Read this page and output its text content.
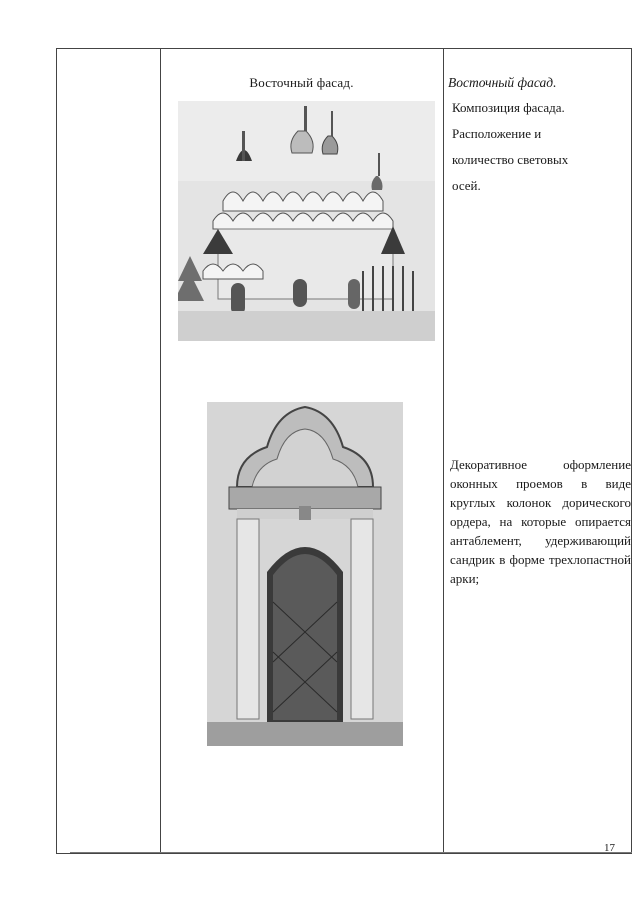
Восточный фасад.	Восточный фасад.
Композиция фасада.
Расположение и
количество световых
осей.
Декоративное оформление оконных проемов в виде круглых колонок дорического ордера, на которые опирается антаблемент, удерживающий сандрик в форме трехлопастной арки;
17
